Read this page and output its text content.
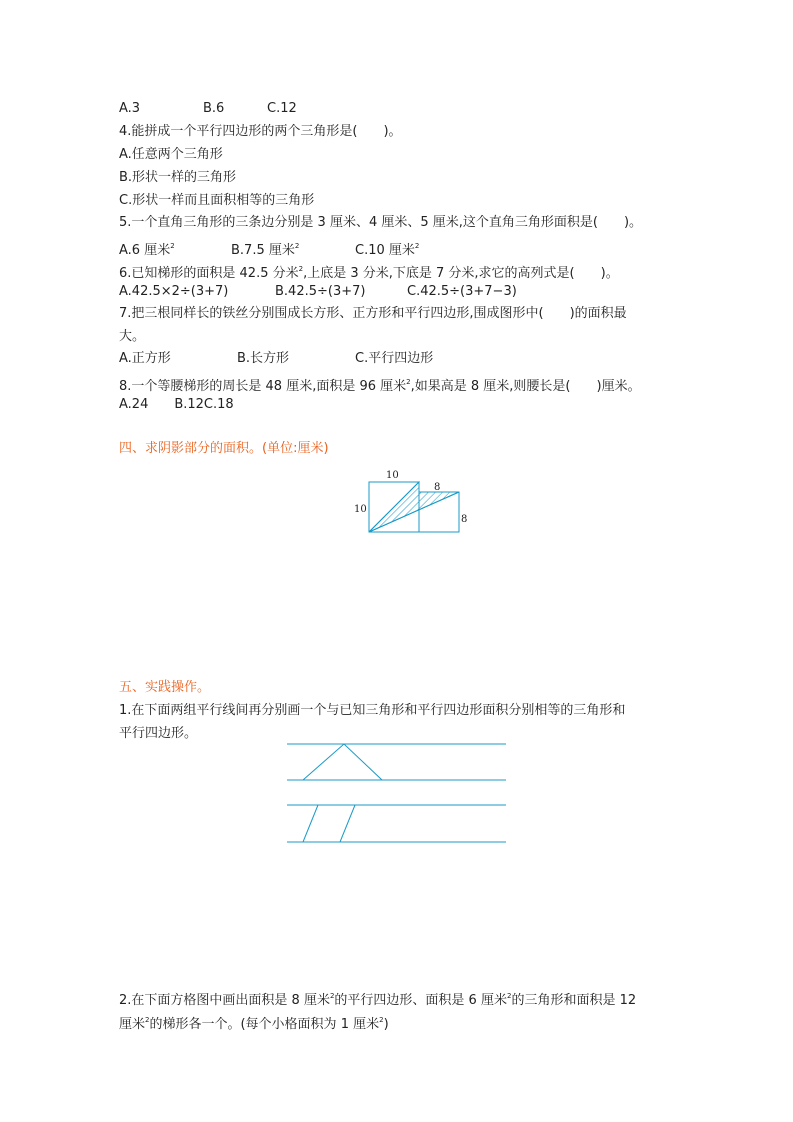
A.3	B.6	C.12
4.能拼成一个平行四边形的两个三角形是(　　)。
A.任意两个三角形
B.形状一样的三角形
C.形状一样而且面积相等的三角形
5.一个直角三角形的三条边分别是 3 厘米、4 厘米、5 厘米,这个直角三角形面积是(　　)。
A.6 厘米$^2$	B.7.5 厘米$^2$	C.10 厘米$^2$
6.已知梯形的面积是 42.5 分米$^2$,上底是 3 分米,下底是 7 分米,求它的高列式是(　　)。
A.42.5×2÷(3+7)	B.42.5÷(3+7)	C.42.5÷(3+7−3)
7.把三根同样长的铁丝分别围成长方形、正方形和平行四边形,围成图形中(　　)的面积最
大。
A.正方形	B.长方形	C.平行四边形
8.一个等腰梯形的周长是 48 厘米,面积是 96 厘米$^2$,如果高是 8 厘米,则腰长是(　　)厘米。
A.24　　B.12C.18
四、求阴影部分的面积。(单位:厘米)
10
10
8
8
五、实践操作。
1.在下面两组平行线间再分别画一个与已知三角形和平行四边形面积分别相等的三角形和
平行四边形。
2.在下面方格图中画出面积是 8 厘米$^2$的平行四边形、面积是 6 厘米$^2$的三角形和面积是 12
厘米$^2$的梯形各一个。(每个小格面积为 1 厘米$^2$)
